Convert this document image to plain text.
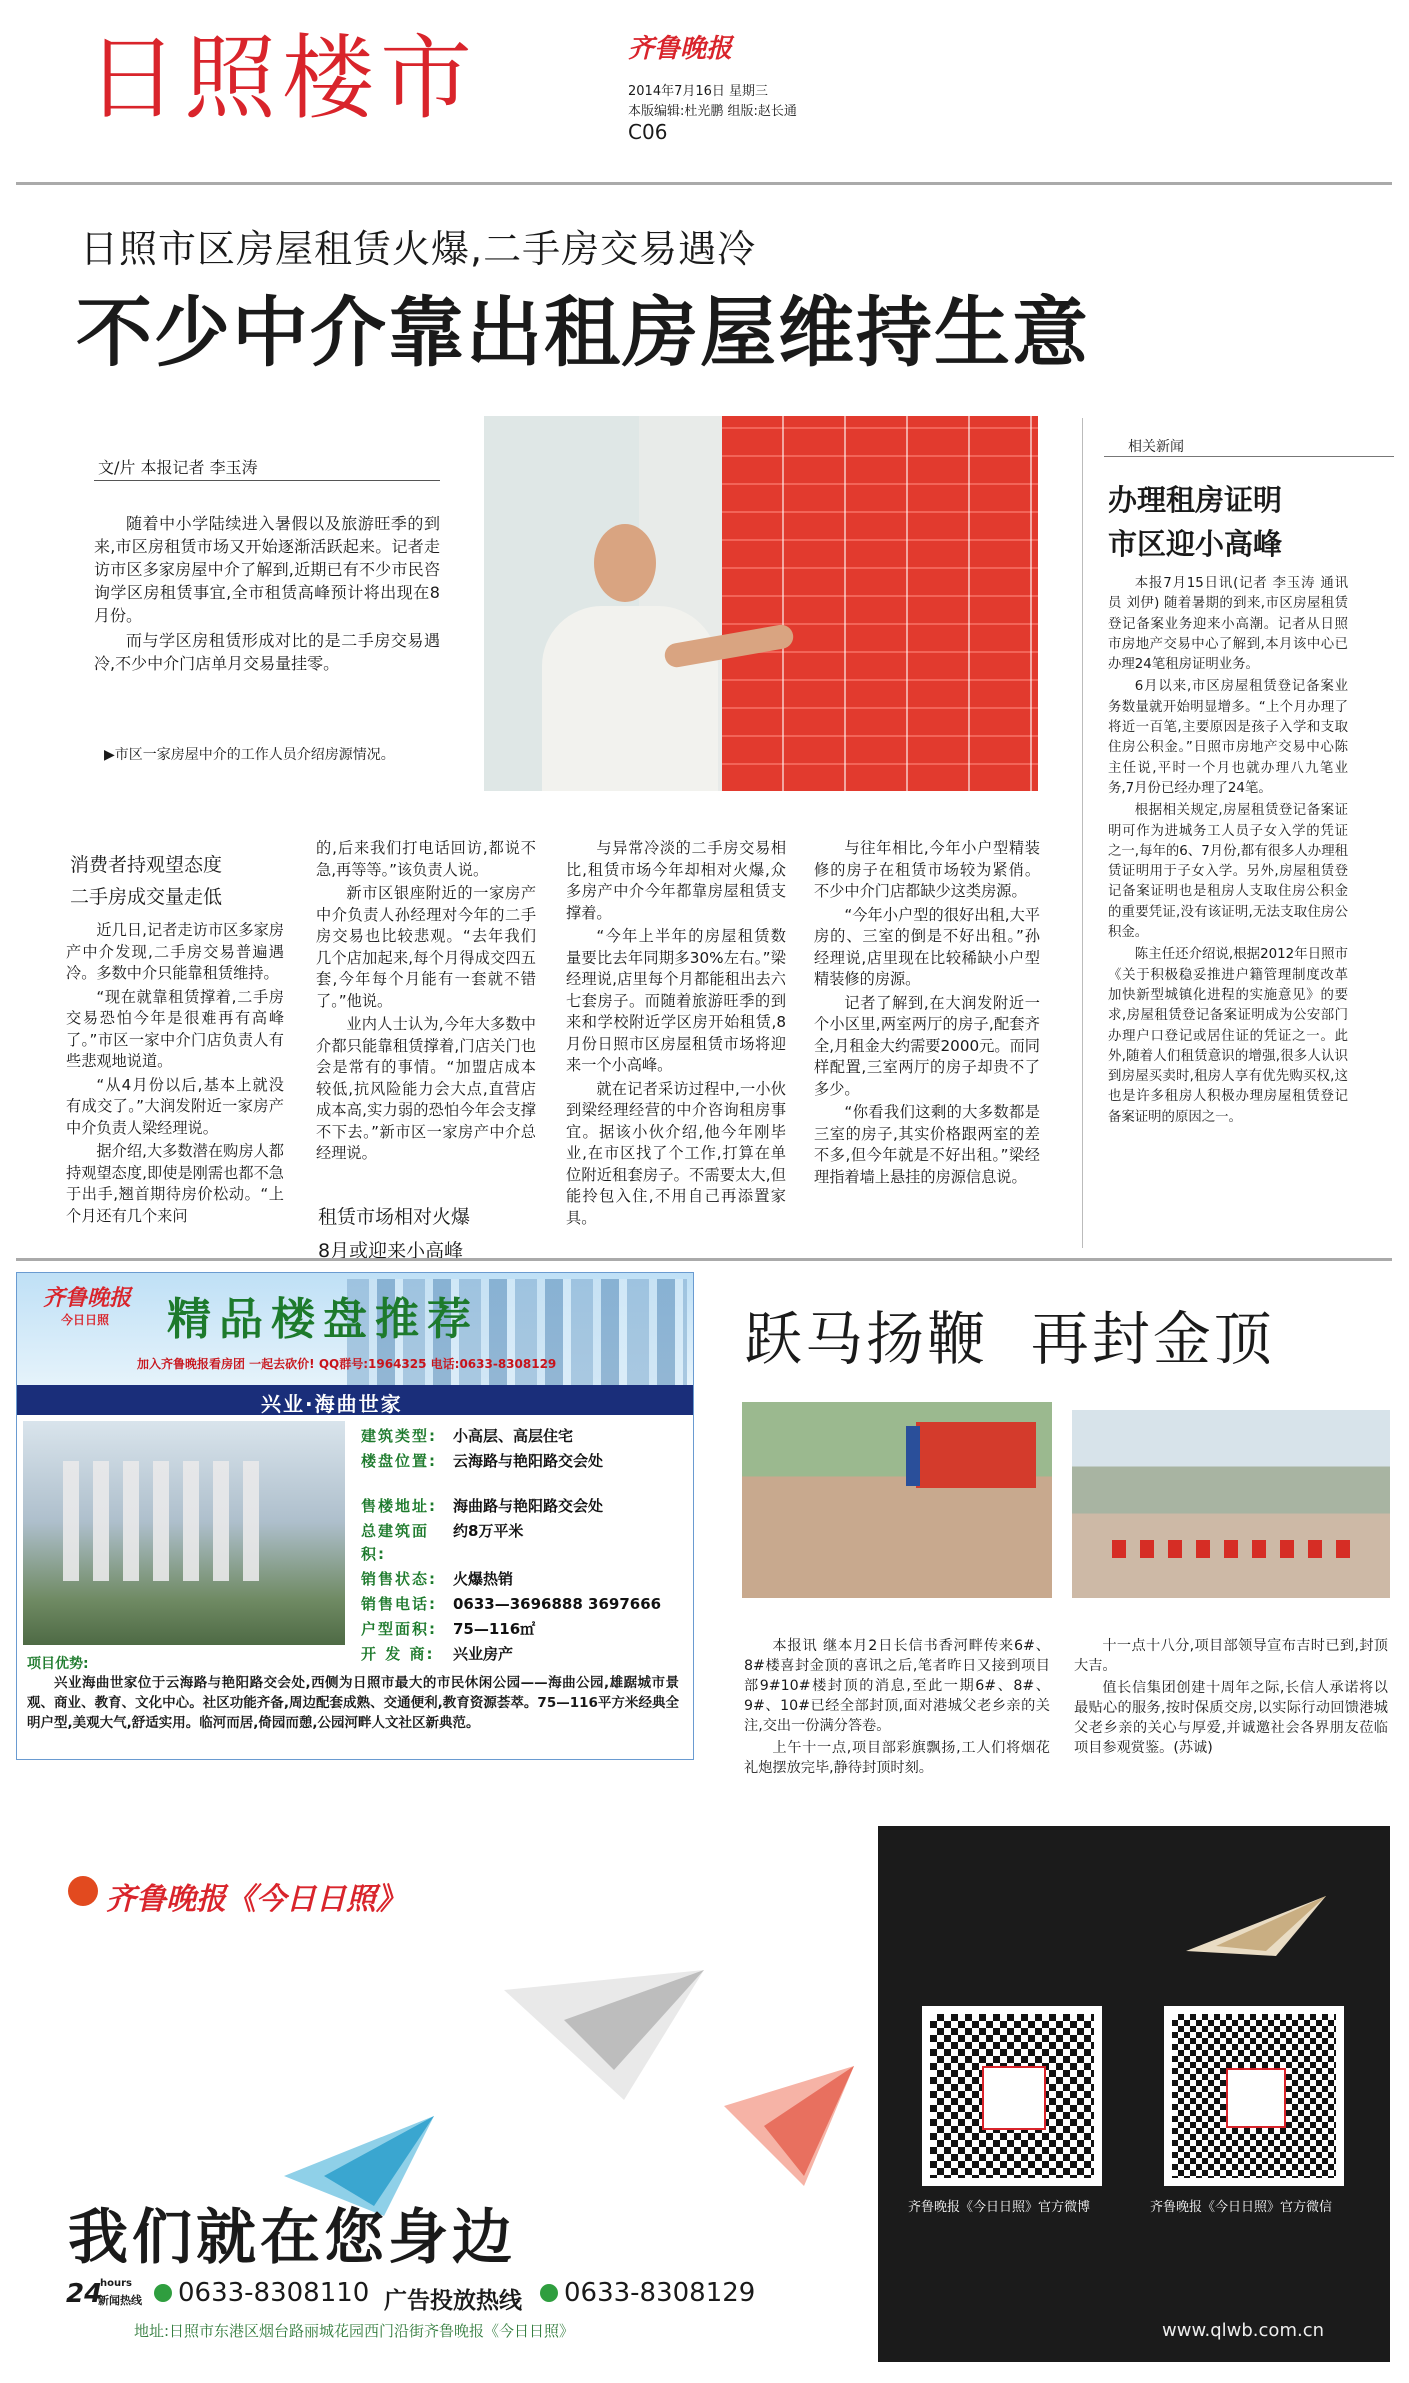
日照楼市	齐鲁晚报
2014年7月16日 星期三
本版编辑:杜光鹏 组版:赵长通
C06
日照市区房屋租赁火爆,二手房交易遇冷
不少中介靠出租房屋维持生意
文/片 本报记者 李玉涛

随着中小学陆续进入暑假以及旅游旺季的到来,市区房租赁市场又开始逐渐活跃起来。记者走访市区多家房屋中介了解到,近期已有不少市民咨询学区房租赁事宜,全市租赁高峰预计将出现在8月份。

而与学区房租赁形成对比的是二手房交易遇冷,不少中介门店单月交易量挂零。

▶市区一家房屋中介的工作人员介绍房源情况。
消费者持观望态度
二手房成交量走低

近几日,记者走访市区多家房产中介发现,二手房交易普遍遇冷。多数中介只能靠租赁维持。

“现在就靠租赁撑着,二手房交易恐怕今年是很难再有高峰了。”市区一家中介门店负责人有些悲观地说道。

“从4月份以后,基本上就没有成交了。”大润发附近一家房产中介负责人梁经理说。

据介绍,大多数潜在购房人都持观望态度,即使是刚需也都不急于出手,翘首期待房价松动。“上个月还有几个来问

的,后来我们打电话回访,都说不急,再等等。”该负责人说。

新市区银座附近的一家房产中介负责人孙经理对今年的二手房交易也比较悲观。“去年我们几个店加起来,每个月得成交四五套,今年每个月能有一套就不错了。”他说。

业内人士认为,今年大多数中介都只能靠租赁撑着,门店关门也会是常有的事情。“加盟店成本较低,抗风险能力会大点,直营店成本高,实力弱的恐怕今年会支撑不下去。”新市区一家房产中介总经理说。

租赁市场相对火爆
8月或迎来小高峰

与异常冷淡的二手房交易相比,租赁市场今年却相对火爆,众多房产中介今年都靠房屋租赁支撑着。

“今年上半年的房屋租赁数量要比去年同期多30%左右。”梁经理说,店里每个月都能租出去六七套房子。而随着旅游旺季的到来和学校附近学区房开始租赁,8月份日照市区房屋租赁市场将迎来一个小高峰。

就在记者采访过程中,一小伙到梁经理经营的中介咨询租房事宜。据该小伙介绍,他今年刚毕业,在市区找了个工作,打算在单位附近租套房子。不需要太大,但能拎包入住,不用自己再添置家具。

与往年相比,今年小户型精装修的房子在租赁市场较为紧俏。不少中介门店都缺少这类房源。

“今年小户型的很好出租,大平房的、三室的倒是不好出租。”孙经理说,店里现在比较稀缺小户型精装修的房源。

记者了解到,在大润发附近一个小区里,两室两厅的房子,配套齐全,月租金大约需要2000元。而同样配置,三室两厅的房子却贵不了多少。

“你看我们这剩的大多数都是三室的房子,其实价格跟两室的差不多,但今年就是不好出租。”梁经理指着墙上悬挂的房源信息说。

相关新闻
办理租房证明
市区迎小高峰

本报7月15日讯(记者 李玉涛 通讯员 刘伊) 随着暑期的到来,市区房屋租赁登记备案业务迎来小高潮。记者从日照市房地产交易中心了解到,本月该中心已办理24笔租房证明业务。

6月以来,市区房屋租赁登记备案业务数量就开始明显增多。“上个月办理了将近一百笔,主要原因是孩子入学和支取住房公积金。”日照市房地产交易中心陈主任说,平时一个月也就办理八九笔业务,7月份已经办理了24笔。

根据相关规定,房屋租赁登记备案证明可作为进城务工人员子女入学的凭证之一,每年的6、7月份,都有很多人办理租赁证明用于子女入学。另外,房屋租赁登记备案证明也是租房人支取住房公积金的重要凭证,没有该证明,无法支取住房公积金。

陈主任还介绍说,根据2012年日照市《关于积极稳妥推进户籍管理制度改革加快新型城镇化进程的实施意见》的要求,房屋租赁登记备案证明成为公安部门办理户口登记或居住证的凭证之一。此外,随着人们租赁意识的增强,很多人认识到房屋买卖时,租房人享有优先购买权,这也是许多租房人积极办理房屋租赁登记备案证明的原因之一。

齐鲁晚报
今日日照 精品楼盘推荐
加入齐鲁晚报看房团 一起去砍价! QQ群号:1964325 电话:0633-8308129
兴业·海曲世家
建筑类型:	小高层、高层住宅
楼盘位置:	云海路与艳阳路交会处
售楼地址:	海曲路与艳阳路交会处
总建筑面积:
约8万平米
销售状态:	火爆热销
销售电话:	0633—3696888 3697666
户型面积:	75—116㎡
开 发 商:	兴业房产
项目优势:
兴业海曲世家位于云海路与艳阳路交会处,西侧为日照市最大的市民休闲公园——海曲公园,雄踞城市景观、商业、教育、文化中心。社区功能齐备,周边配套成熟、交通便利,教育资源荟萃。75—116平方米经典全明户型,美观大气,舒适实用。临河而居,倚园而憩,公园河畔人文社区新典范。
跃马扬鞭  再封金顶

本报讯 继本月2日长信书香河畔传来6#、8#楼喜封金顶的喜讯之后,笔者昨日又接到项目部9#10#楼封顶的消息,至此一期6#、8#、9#、10#已经全部封顶,面对港城父老乡亲的关注,交出一份满分答卷。

上午十一点,项目部彩旗飘扬,工人们将烟花礼炮摆放完毕,静待封顶时刻。

十一点十八分,项目部领导宣布吉时已到,封顶大吉。

值长信集团创建十周年之际,长信人承诺将以最贴心的服务,按时保质交房,以实际行动回馈港城父老乡亲的关心与厚爱,并诚邀社会各界朋友莅临项目参观赏鉴。(苏诚)

齐鲁晚报《今日日照》
我们就在您身边
24
hours
新闻热线 0633-8308110 广告投放热线 0633-8308129
地址:日照市东港区烟台路丽城花园西门沿街齐鲁晚报《今日日照》
齐鲁晚报《今日日照》官方微博	齐鲁晚报《今日日照》官方微信
www.qlwb.com.cn
